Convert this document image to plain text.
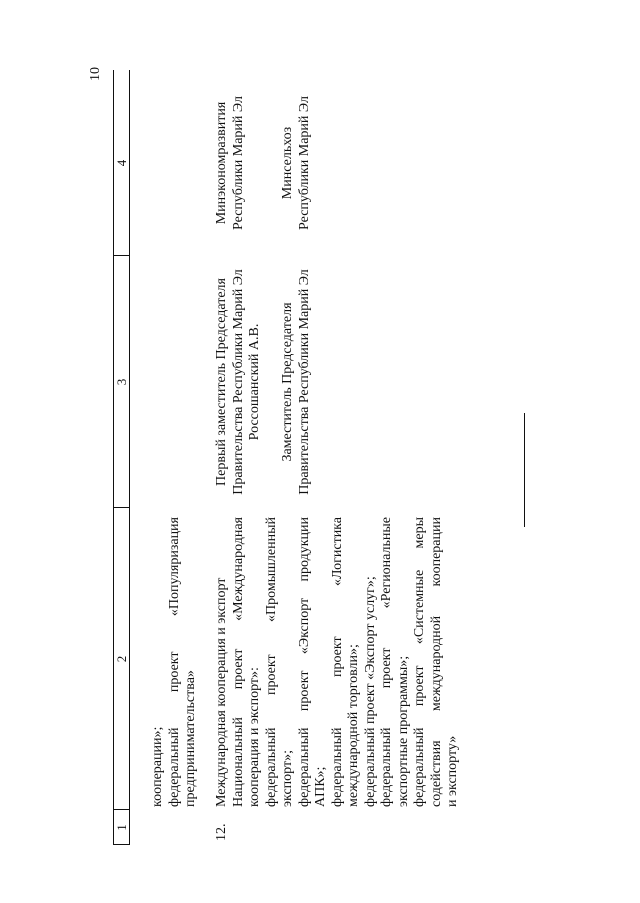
10
1
2
3
4

кооперации»; федеральный проект «Популяризация предпринимательства»

12.

Международная кооперация и экспорт Национальный проект «Международная кооперация и экспорт»: федеральный проект «Промышленный экспорт»; федеральный проект «Экспорт продукции АПК»; федеральный проект «Логистика международной торговли»; федеральный проект «Экспорт услуг»; федеральный проект «Региональные экспортные программы»; федеральный проект «Системные меры содействия международной кооперации и экспорту»

Первый заместитель Председателя Правительства Республики Марий Эл Россошанский А.В. Заместитель Председателя Правительства Республики Марий Эл

Минэкономразвития Республики Марий Эл Минсельхоз Республики Марий Эл
